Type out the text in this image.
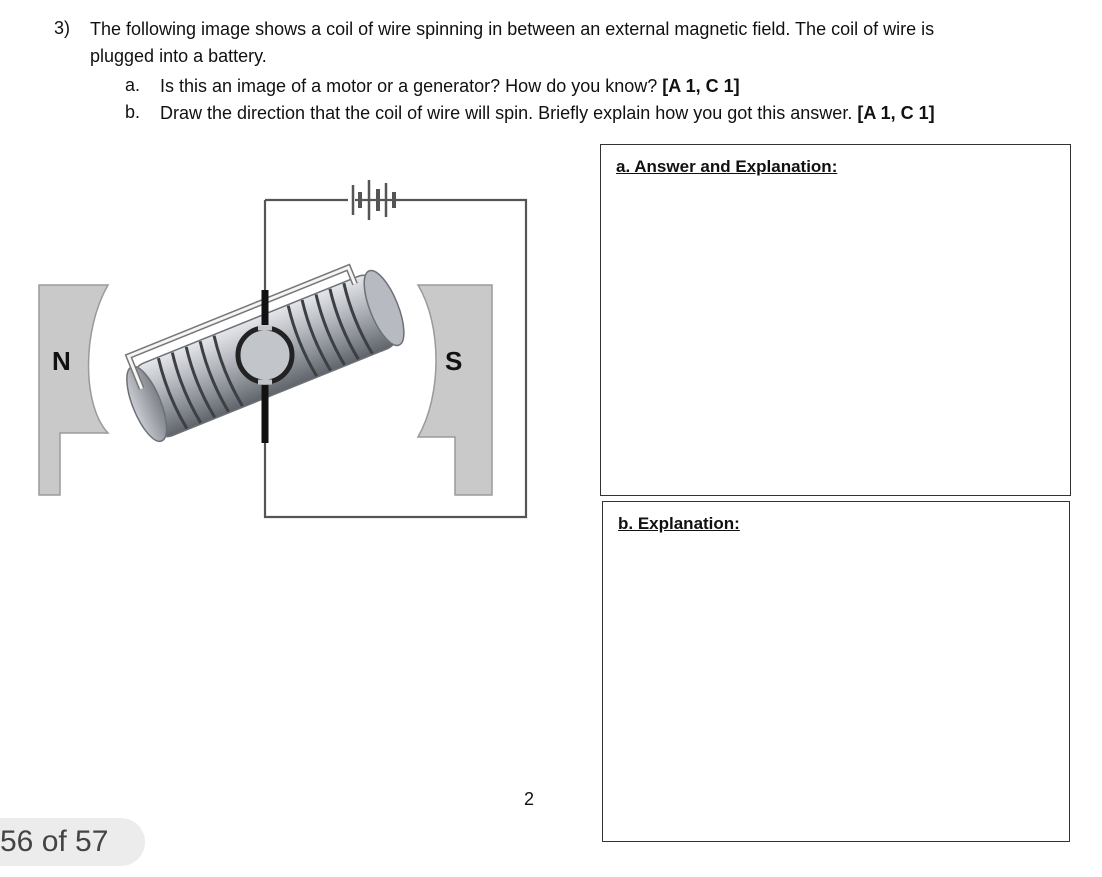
3) The following image shows a coil of wire spinning in between an external magnetic field. The coil of wire is
plugged into a battery.
a. Is this an image of a motor or a generator? How do you know? [A 1, C 1]
b. Draw the direction that the coil of wire will spin. Briefly explain how you got this answer. [A 1, C 1]
N	S
a. Answer and Explanation:
b. Explanation:
2
56 of 57
